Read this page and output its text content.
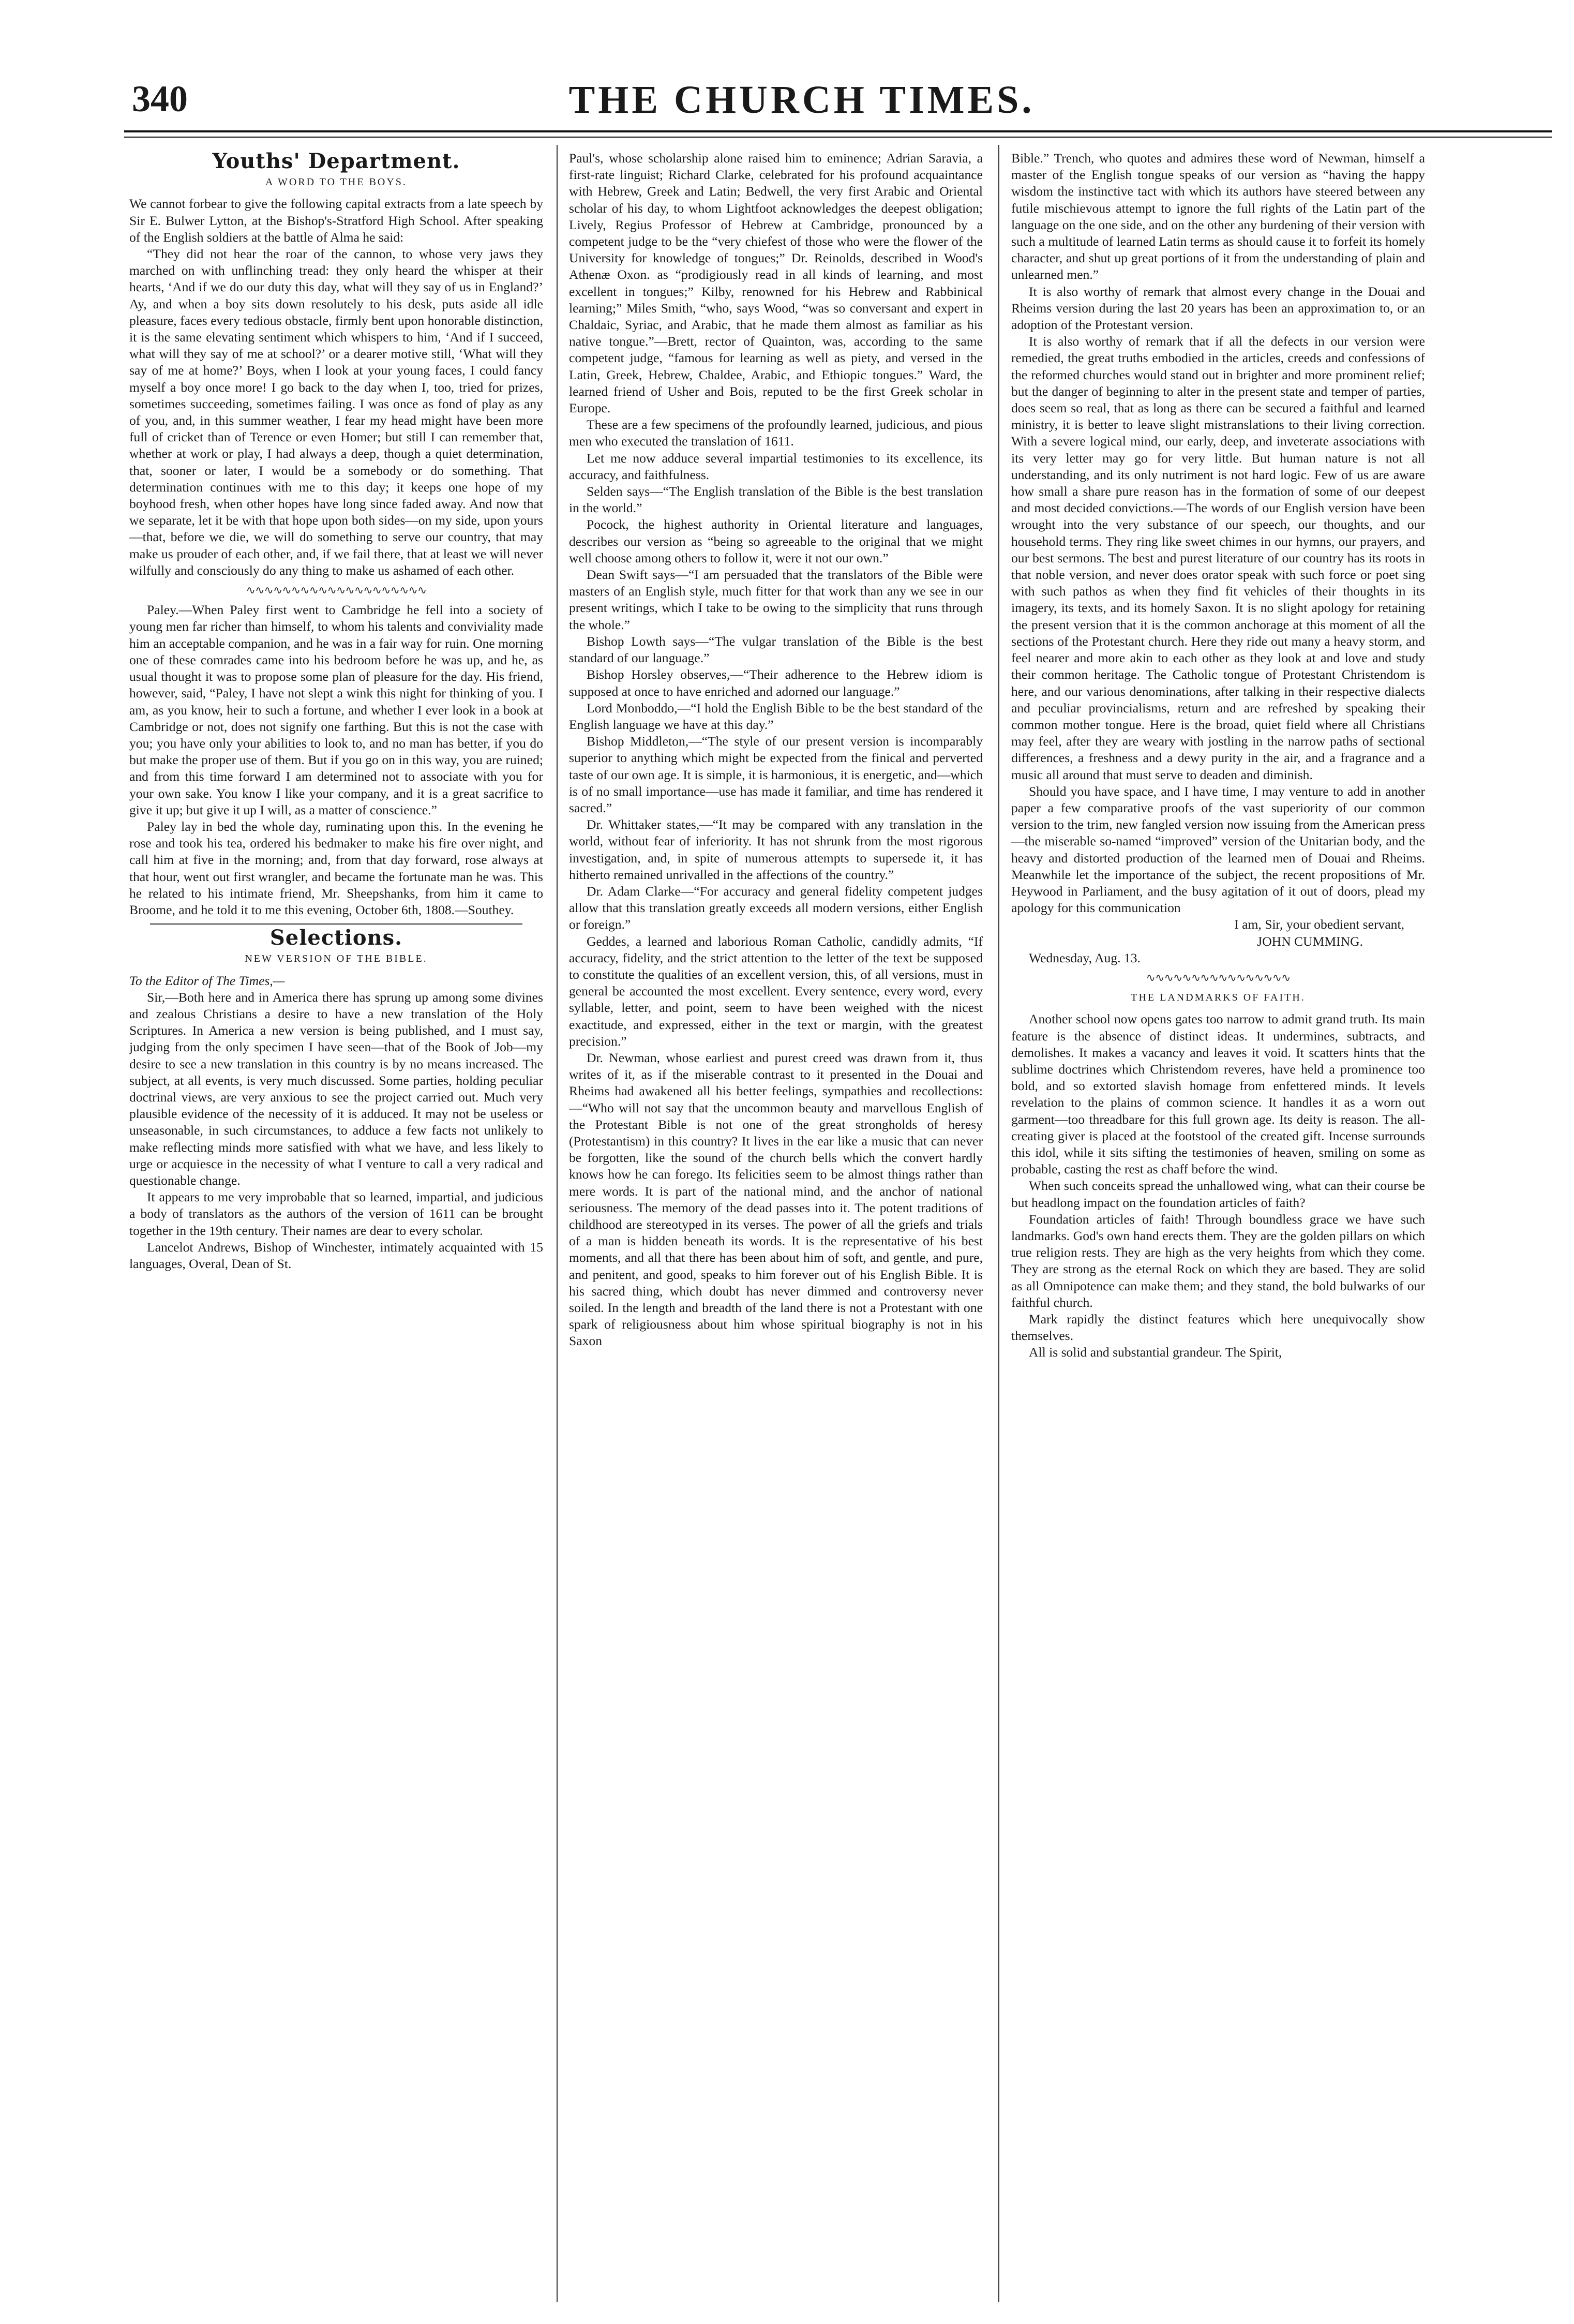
340	THE CHURCH TIMES.
Youths' Department.
A WORD TO THE BOYS.

We cannot forbear to give the following capital extracts from a late speech by Sir E. Bulwer Lytton, at the Bishop's-Stratford High School. After speaking of the English soldiers at the battle of Alma he said:

“They did not hear the roar of the cannon, to whose very jaws they marched on with unflinching tread: they only heard the whisper at their hearts, ‘And if we do our duty this day, what will they say of us in England?’ Ay, and when a boy sits down resolutely to his desk, puts aside all idle pleasure, faces every tedious obstacle, firmly bent upon honorable distinction, it is the same elevating sentiment which whispers to him, ‘And if I succeed, what will they say of me at school?’ or a dearer motive still, ‘What will they say of me at home?’ Boys, when I look at your young faces, I could fancy myself a boy once more! I go back to the day when I, too, tried for prizes, sometimes succeeding, sometimes failing. I was once as fond of play as any of you, and, in this summer weather, I fear my head might have been more full of cricket than of Terence or even Homer; but still I can remember that, whether at work or play, I had always a deep, though a quiet determination, that, sooner or later, I would be a somebody or do something. That determination continues with me to this day; it keeps one hope of my boyhood fresh, when other hopes have long since faded away. And now that we separate, let it be with that hope upon both sides—on my side, upon yours—that, before we die, we will do something to serve our country, that may make us prouder of each other, and, if we fail there, that at least we will never wilfully and consciously do any thing to make us ashamed of each other.

∿∿∿∿∿∿∿∿∿∿∿∿∿∿∿∿∿∿∿∿

Paley.—When Paley first went to Cambridge he fell into a society of young men far richer than himself, to whom his talents and conviviality made him an acceptable companion, and he was in a fair way for ruin. One morning one of these comrades came into his bedroom before he was up, and he, as usual thought it was to propose some plan of pleasure for the day. His friend, however, said, “Paley, I have not slept a wink this night for thinking of you. I am, as you know, heir to such a fortune, and whether I ever look in a book at Cambridge or not, does not signify one farthing. But this is not the case with you; you have only your abilities to look to, and no man has better, if you do but make the proper use of them. But if you go on in this way, you are ruined; and from this time forward I am determined not to associate with you for your own sake. You know I like your company, and it is a great sacrifice to give it up; but give it up I will, as a matter of conscience.”

Paley lay in bed the whole day, ruminating upon this. In the evening he rose and took his tea, ordered his bedmaker to make his fire over night, and call him at five in the morning; and, from that day forward, rose always at that hour, went out first wrangler, and became the fortunate man he was. This he related to his intimate friend, Mr. Sheepshanks, from him it came to Broome, and he told it to me this evening, October 6th, 1808.—Southey.

Selections.
NEW VERSION OF THE BIBLE.

To the Editor of The Times,—

Sir,—Both here and in America there has sprung up among some divines and zealous Christians a desire to have a new translation of the Holy Scriptures. In America a new version is being published, and I must say, judging from the only specimen I have seen—that of the Book of Job—my desire to see a new translation in this country is by no means increased. The subject, at all events, is very much discussed. Some parties, holding peculiar doctrinal views, are very anxious to see the project carried out. Much very plausible evidence of the necessity of it is adduced. It may not be useless or unseasonable, in such circumstances, to adduce a few facts not unlikely to make reflecting minds more satisfied with what we have, and less likely to urge or acquiesce in the necessity of what I venture to call a very radical and questionable change.

It appears to me very improbable that so learned, impartial, and judicious a body of translators as the authors of the version of 1611 can be brought together in the 19th century. Their names are dear to every scholar.

Lancelot Andrews, Bishop of Winchester, intimately acquainted with 15 languages, Overal, Dean of St.

Paul's, whose scholarship alone raised him to eminence; Adrian Saravia, a first-rate linguist; Richard Clarke, celebrated for his profound acquaintance with Hebrew, Greek and Latin; Bedwell, the very first Arabic and Oriental scholar of his day, to whom Lightfoot acknowledges the deepest obligation; Lively, Regius Professor of Hebrew at Cambridge, pronounced by a competent judge to be the “very chiefest of those who were the flower of the University for knowledge of tongues;” Dr. Reinolds, described in Wood's Athenæ Oxon. as “prodigiously read in all kinds of learning, and most excellent in tongues;” Kilby, renowned for his Hebrew and Rabbinical learning;” Miles Smith, “who, says Wood, “was so conversant and expert in Chaldaic, Syriac, and Arabic, that he made them almost as familiar as his native tongue.”—Brett, rector of Quainton, was, according to the same competent judge, “famous for learning as well as piety, and versed in the Latin, Greek, Hebrew, Chaldee, Arabic, and Ethiopic tongues.” Ward, the learned friend of Usher and Bois, reputed to be the first Greek scholar in Europe.

These are a few specimens of the profoundly learned, judicious, and pious men who executed the translation of 1611.

Let me now adduce several impartial testimonies to its excellence, its accuracy, and faithfulness.

Selden says—“The English translation of the Bible is the best translation in the world.”

Pocock, the highest authority in Oriental literature and languages, describes our version as “being so agreeable to the original that we might well choose among others to follow it, were it not our own.”

Dean Swift says—“I am persuaded that the translators of the Bible were masters of an English style, much fitter for that work than any we see in our present writings, which I take to be owing to the simplicity that runs through the whole.”

Bishop Lowth says—“The vulgar translation of the Bible is the best standard of our language.”

Bishop Horsley observes,—“Their adherence to the Hebrew idiom is supposed at once to have enriched and adorned our language.”

Lord Monboddo,—“I hold the English Bible to be the best standard of the English language we have at this day.”

Bishop Middleton,—“The style of our present version is incomparably superior to anything which might be expected from the finical and perverted taste of our own age. It is simple, it is harmonious, it is energetic, and—which is of no small importance—use has made it familiar, and time has rendered it sacred.”

Dr. Whittaker states,—“It may be compared with any translation in the world, without fear of inferiority. It has not shrunk from the most rigorous investigation, and, in spite of numerous attempts to supersede it, it has hitherto remained unrivalled in the affections of the country.”

Dr. Adam Clarke—“For accuracy and general fidelity competent judges allow that this translation greatly exceeds all modern versions, either English or foreign.”

Geddes, a learned and laborious Roman Catholic, candidly admits, “If accuracy, fidelity, and the strict attention to the letter of the text be supposed to constitute the qualities of an excellent version, this, of all versions, must in general be accounted the most excellent. Every sentence, every word, every syllable, letter, and point, seem to have been weighed with the nicest exactitude, and expressed, either in the text or margin, with the greatest precision.”

Dr. Newman, whose earliest and purest creed was drawn from it, thus writes of it, as if the miserable contrast to it presented in the Douai and Rheims had awakened all his better feelings, sympathies and recollections:—“Who will not say that the uncommon beauty and marvellous English of the Protestant Bible is not one of the great strongholds of heresy (Protestantism) in this country? It lives in the ear like a music that can never be forgotten, like the sound of the church bells which the convert hardly knows how he can forego. Its felicities seem to be almost things rather than mere words. It is part of the national mind, and the anchor of national seriousness. The memory of the dead passes into it. The potent traditions of childhood are stereotyped in its verses. The power of all the griefs and trials of a man is hidden beneath its words. It is the representative of his best moments, and all that there has been about him of soft, and gentle, and pure, and penitent, and good, speaks to him forever out of his English Bible. It is his sacred thing, which doubt has never dimmed and controversy never soiled. In the length and breadth of the land there is not a Protestant with one spark of religiousness about him whose spiritual biography is not in his Saxon

Bible.” Trench, who quotes and admires these word of Newman, himself a master of the English tongue speaks of our version as “having the happy wisdom the instinctive tact with which its authors have steered between any futile mischievous attempt to ignore the full rights of the Latin part of the language on the one side, and on the other any burdening of their version with such a multitude of learned Latin terms as should cause it to forfeit its homely character, and shut up great portions of it from the understanding of plain and unlearned men.”

It is also worthy of remark that almost every change in the Douai and Rheims version during the last 20 years has been an approximation to, or an adoption of the Protestant version.

It is also worthy of remark that if all the defects in our version were remedied, the great truths embodied in the articles, creeds and confessions of the reformed churches would stand out in brighter and more prominent relief; but the danger of beginning to alter in the present state and temper of parties, does seem so real, that as long as there can be secured a faithful and learned ministry, it is better to leave slight mistranslations to their living correction. With a severe logical mind, our early, deep, and inveterate associations with its very letter may go for very little. But human nature is not all understanding, and its only nutriment is not hard logic. Few of us are aware how small a share pure reason has in the formation of some of our deepest and most decided convictions.—The words of our English version have been wrought into the very substance of our speech, our thoughts, and our household terms. They ring like sweet chimes in our hymns, our prayers, and our best sermons. The best and purest literature of our country has its roots in that noble version, and never does orator speak with such force or poet sing with such pathos as when they find fit vehicles of their thoughts in its imagery, its texts, and its homely Saxon. It is no slight apology for retaining the present version that it is the common anchorage at this moment of all the sections of the Protestant church. Here they ride out many a heavy storm, and feel nearer and more akin to each other as they look at and love and study their common heritage. The Catholic tongue of Protestant Christendom is here, and our various denominations, after talking in their respective dialects and peculiar provincialisms, return and are refreshed by speaking their common mother tongue. Here is the broad, quiet field where all Christians may feel, after they are weary with jostling in the narrow paths of sectional differences, a freshness and a dewy purity in the air, and a fragrance and a music all around that must serve to deaden and diminish.

Should you have space, and I have time, I may venture to add in another paper a few comparative proofs of the vast superiority of our common version to the trim, new fangled version now issuing from the American press—the miserable so-named “improved” version of the Unitarian body, and the heavy and distorted production of the learned men of Douai and Rheims. Meanwhile let the importance of the subject, the recent propositions of Mr. Heywood in Parliament, and the busy agitation of it out of doors, plead my apology for this communication

I am, Sir, your obedient servant,

JOHN CUMMING.

Wednesday, Aug. 13.

∿∿∿∿∿∿∿∿∿∿∿∿∿∿∿∿
THE LANDMARKS OF FAITH.

Another school now opens gates too narrow to admit grand truth. Its main feature is the absence of distinct ideas. It undermines, subtracts, and demolishes. It makes a vacancy and leaves it void. It scatters hints that the sublime doctrines which Christendom reveres, have held a prominence too bold, and so extorted slavish homage from enfettered minds. It levels revelation to the plains of common science. It handles it as a worn out garment—too threadbare for this full grown age. Its deity is reason. The all-creating giver is placed at the footstool of the created gift. Incense surrounds this idol, while it sits sifting the testimonies of heaven, smiling on some as probable, casting the rest as chaff before the wind.

When such conceits spread the unhallowed wing, what can their course be but headlong impact on the foundation articles of faith?

Foundation articles of faith! Through boundless grace we have such landmarks. God's own hand erects them. They are the golden pillars on which true religion rests. They are high as the very heights from which they come. They are strong as the eternal Rock on which they are based. They are solid as all Omnipotence can make them; and they stand, the bold bulwarks of our faithful church.

Mark rapidly the distinct features which here unequivocally show themselves.

All is solid and substantial grandeur. The Spirit,
